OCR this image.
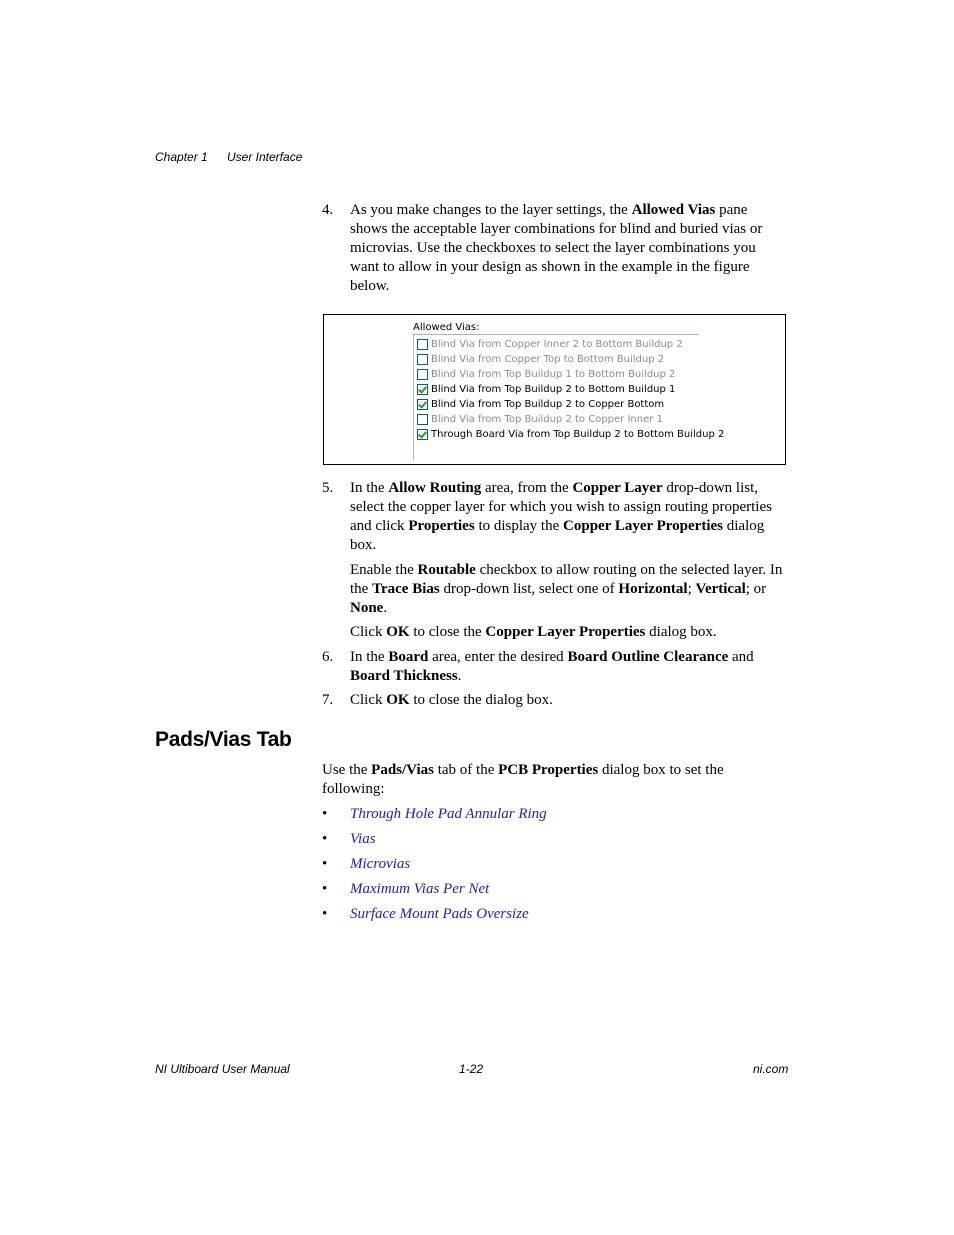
Chapter 1 User Interface
4. As you make changes to the layer settings, the Allowed Vias pane shows the acceptable layer combinations for blind and buried vias or microvias. Use the checkboxes to select the layer combinations you want to allow in your design as shown in the example in the figure below.
Allowed Vias:
Blind Via from Copper Inner 2 to Bottom Buildup 2
Blind Via from Copper Top to Bottom Buildup 2
Blind Via from Top Buildup 1 to Bottom Buildup 2
Blind Via from Top Buildup 2 to Bottom Buildup 1
Blind Via from Top Buildup 2 to Copper Bottom
Blind Via from Top Buildup 2 to Copper Inner 1
Through Board Via from Top Buildup 2 to Bottom Buildup 2
5. In the Allow Routing area, from the Copper Layer drop-down list, select the copper layer for which you wish to assign routing properties and click Properties to display the Copper Layer Properties dialog box.
Enable the Routable checkbox to allow routing on the selected layer. In the Trace Bias drop-down list, select one of Horizontal; Vertical; or None.
Click OK to close the Copper Layer Properties dialog box.
6. In the Board area, enter the desired Board Outline Clearance and Board Thickness.
7. Click OK to close the dialog box.
Pads/Vias Tab
Use the Pads/Vias tab of the PCB Properties dialog box to set the following:
• Through Hole Pad Annular Ring
• Vias
• Microvias
• Maximum Vias Per Net
• Surface Mount Pads Oversize
NI Ultiboard User Manual	1-22	ni.com
